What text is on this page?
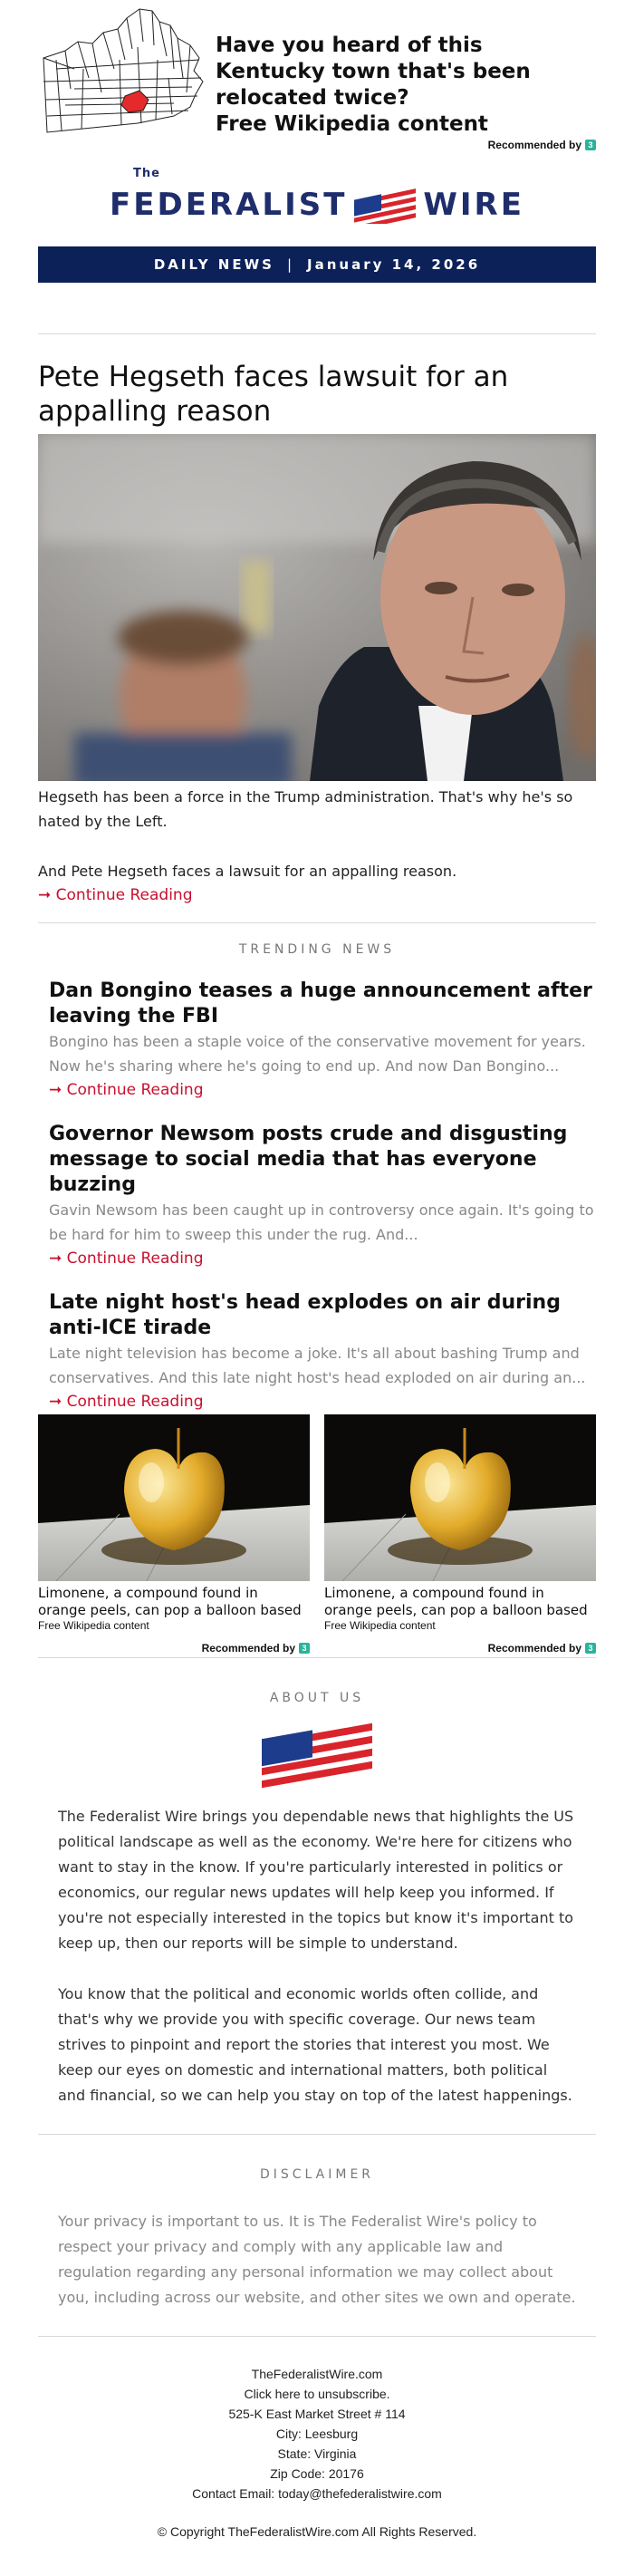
Have you heard of this Kentucky town that's been relocated twice?
Free Wikipedia content
Recommended by 3
The
FEDERALIST WIRE
DAILY NEWS | January 14, 2026
Pete Hegseth faces lawsuit for an appalling reason

Hegseth has been a force in the Trump administration. That's why he's so hated by the Left.

And Pete Hegseth faces a lawsuit for an appalling reason.

➞ Continue Reading
TRENDING NEWS
Dan Bongino teases a huge announcement after leaving the FBI
Bongino has been a staple voice of the conservative movement for years. Now he's sharing where he's going to end up. And now Dan Bongino...
➞ Continue Reading
Governor Newsom posts crude and disgusting message to social media that has everyone buzzing
Gavin Newsom has been caught up in controversy once again. It's going to be hard for him to sweep this under the rug. And...
➞ Continue Reading
Late night host's head explodes on air during anti-ICE tirade
Late night television has become a joke. It's all about bashing Trump and conservatives. And this late night host's head exploded on air during an...
➞ Continue Reading
Limonene, a compound found in orange peels, can pop a balloon based
Free Wikipedia content
Limonene, a compound found in orange peels, can pop a balloon based
Free Wikipedia content
Recommended by 3	Recommended by 3
ABOUT US

The Federalist Wire brings you dependable news that highlights the US political landscape as well as the economy. We're here for citizens who want to stay in the know. If you're particularly interested in politics or economics, our regular news updates will help keep you informed. If you're not especially interested in the topics but know it's important to keep up, then our reports will be simple to understand.

You know that the political and economic worlds often collide, and that's why we provide you with specific coverage. Our news team strives to pinpoint and report the stories that interest you most. We keep our eyes on domestic and international matters, both political and financial, so we can help you stay on top of the latest happenings.

DISCLAIMER

Your privacy is important to us. It is The Federalist Wire's policy to respect your privacy and comply with any applicable law and regulation regarding any personal information we may collect about you, including across our website, and other sites we own and operate.

TheFederalistWire.com
Click here to unsubscribe.
525-K East Market Street # 114
City: Leesburg
State: Virginia
Zip Code: 20176
Contact Email: today@thefederalistwire.com
© Copyright TheFederalistWire.com All Rights Reserved.
